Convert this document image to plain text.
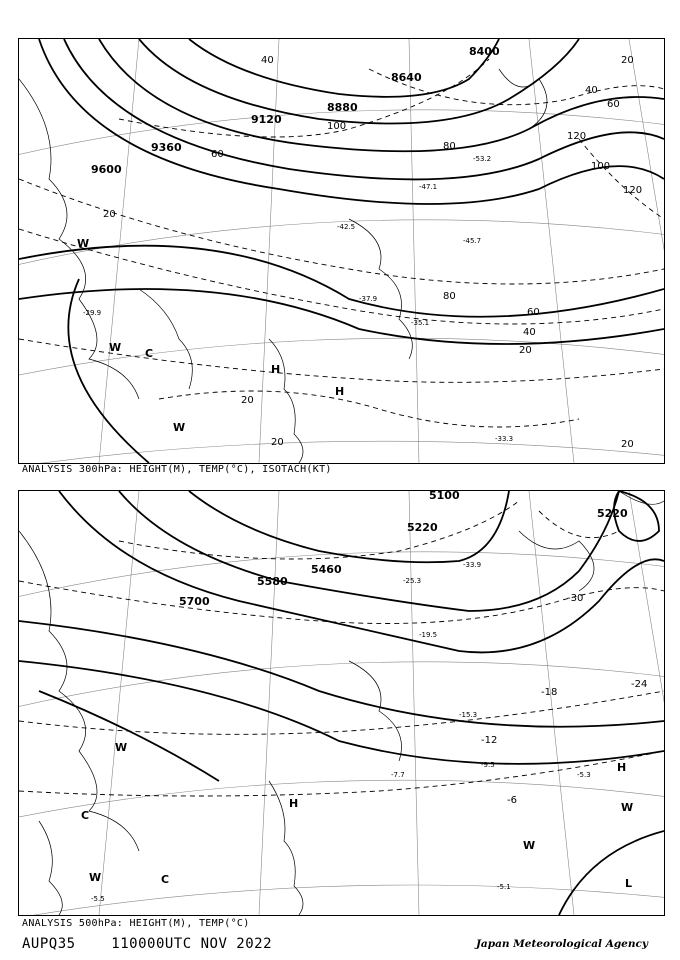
9600
9360
9120
8880
8640
8400
20
40
60
80
100
120
80
60
40
20
20
20
40
60
100
120
20
20
-35.1
-37.9
-42.5
-47.1
-53.2
-45.7
-33.3
-29.9
H
H
C
W
W
W
ANALYSIS 300hPa: HEIGHT(M), TEMP(°C), ISOTACH(KT)
5700
5580
5460
5220
5100
5220
-24
-18
-12
-6
-30
-5.5
-7.7
-9.5
-15.3
-19.5
-25.3
-33.9
-5.1
-5.3
H
H
L
C
C
W
W
W
W
ANALYSIS 500hPa: HEIGHT(M), TEMP(°C)
AUPQ35	110000UTC NOV 2022	Japan Meteorological Agency
